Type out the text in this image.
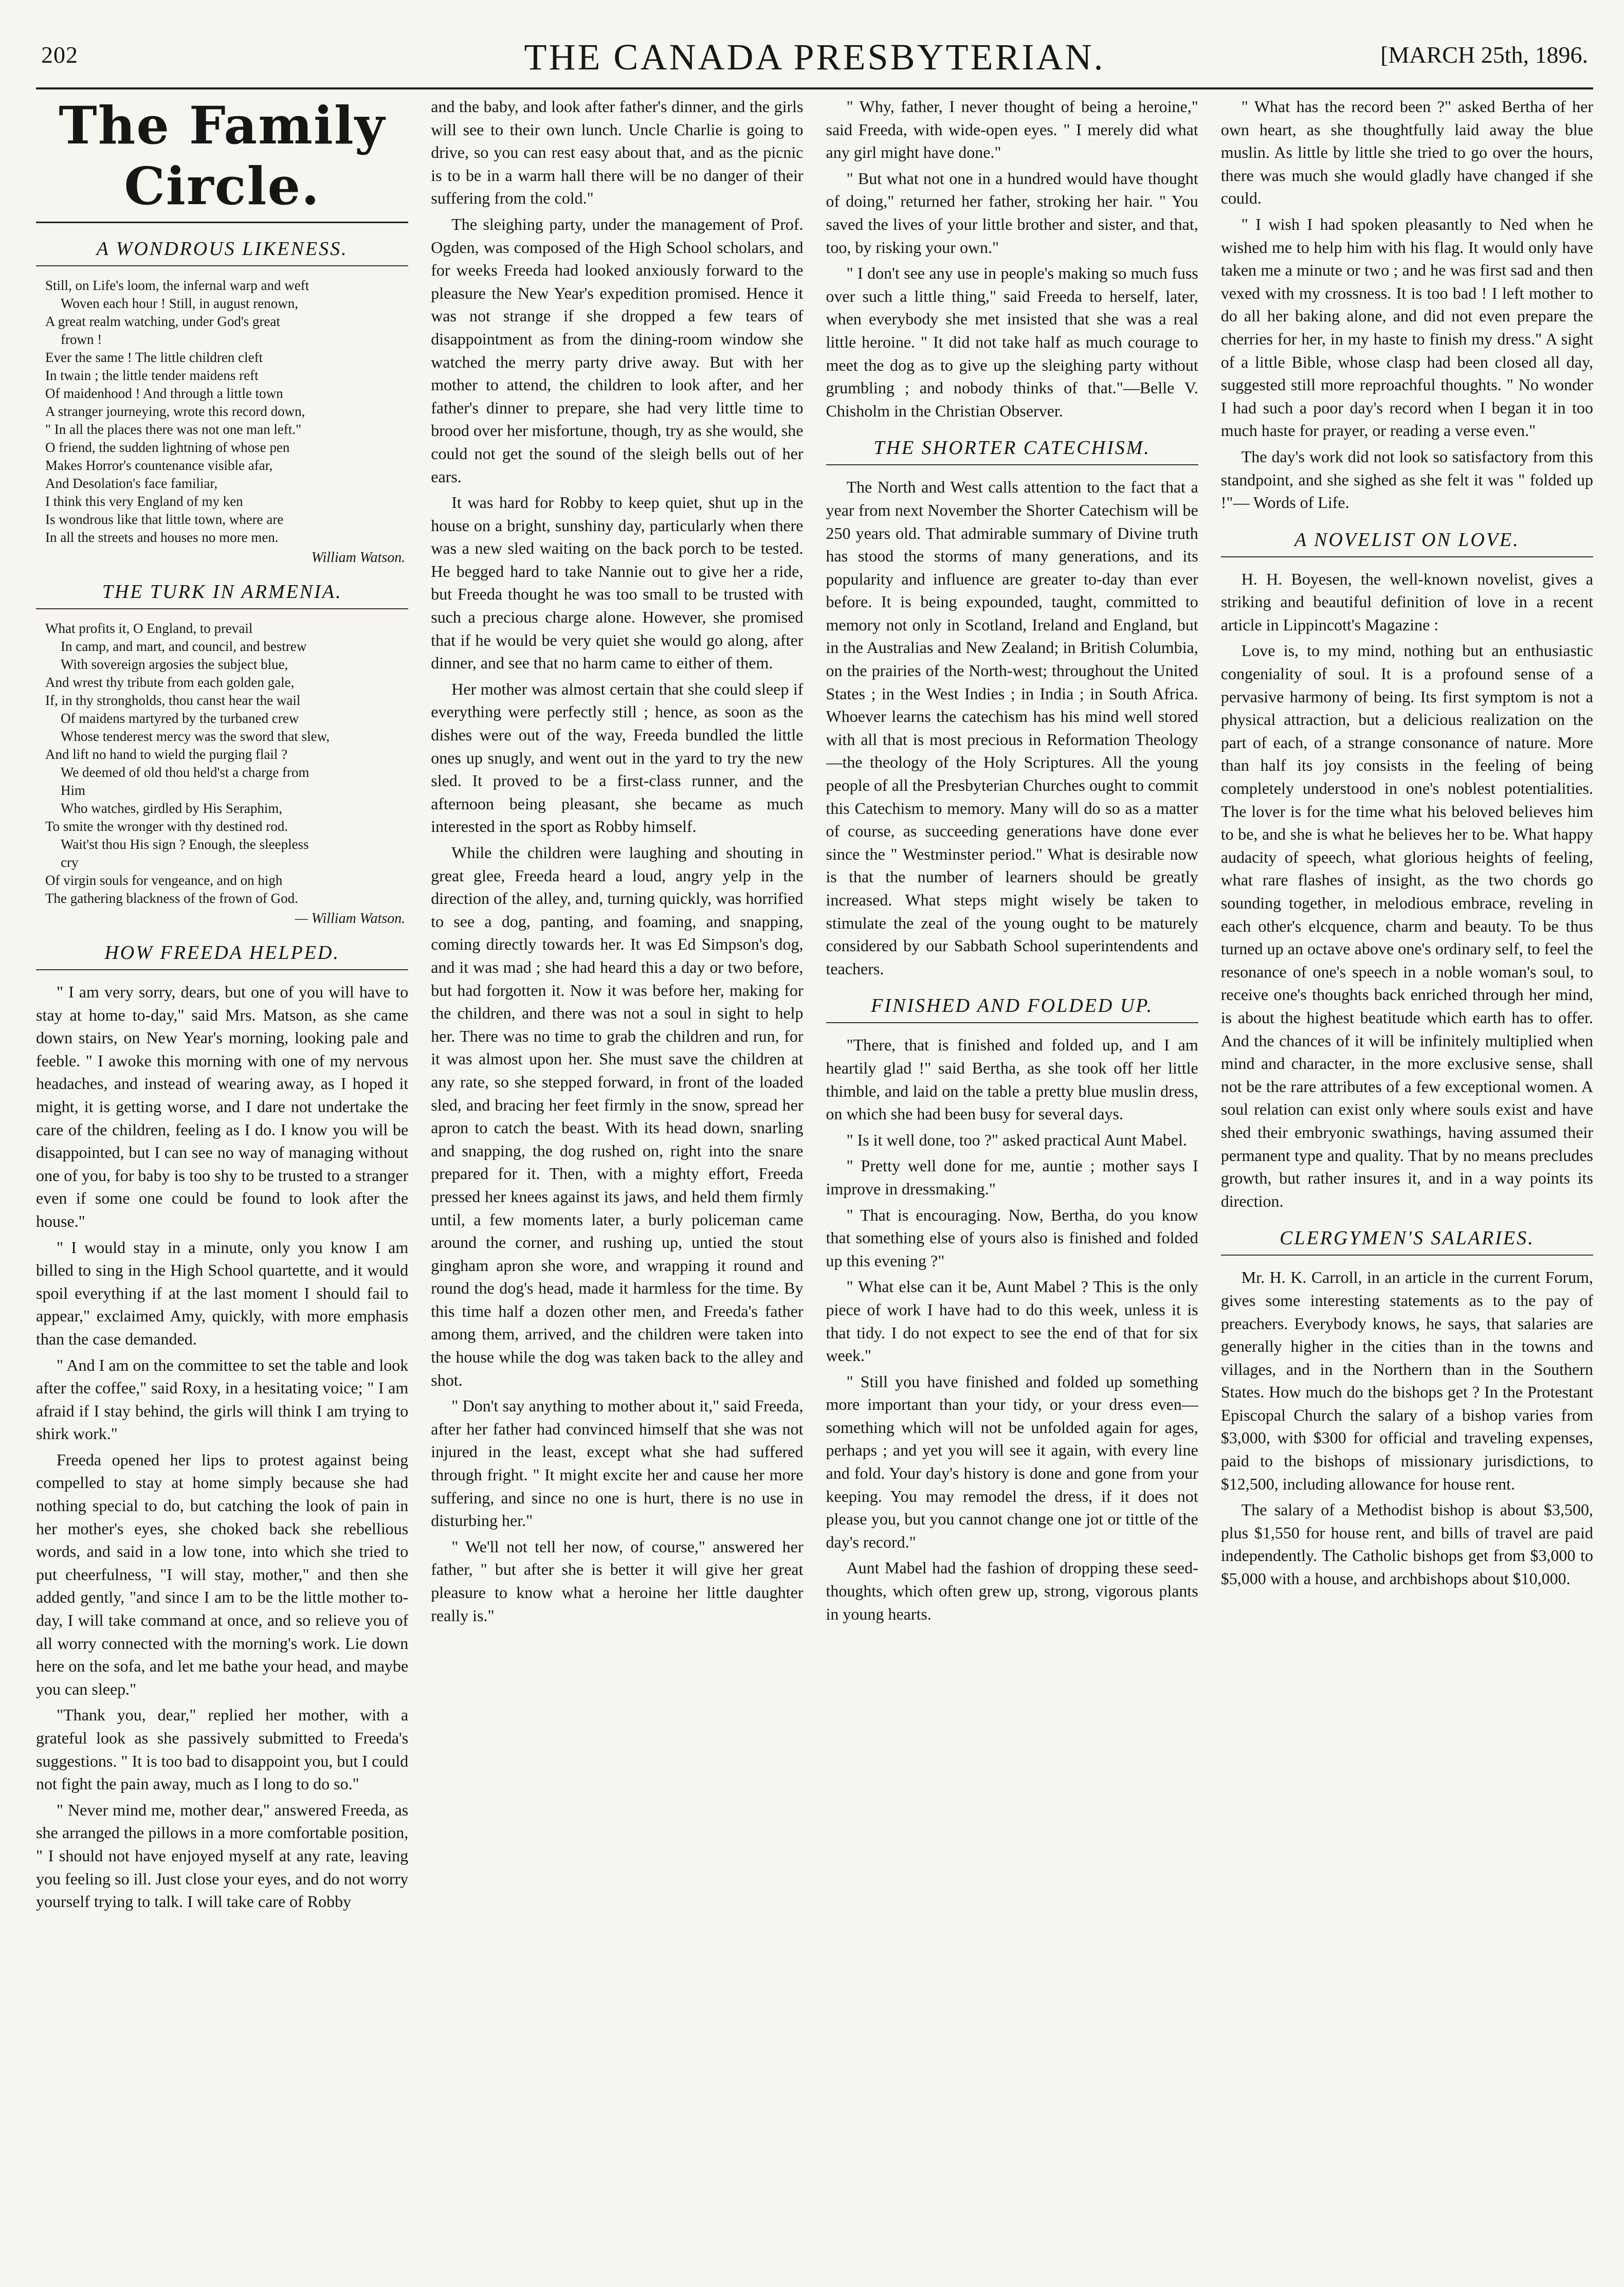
202	THE CANADA PRESBYTERIAN.	[MARCH 25th, 1896.
The Family Circle.
A WONDROUS LIKENESS.
Still, on Life's loom, the infernal warp and weft
Woven each hour ! Still, in august renown,
A great realm watching, under God's great
frown !
Ever the same ! The little children cleft
In twain ; the little tender maidens reft
Of maidenhood ! And through a little town
A stranger journeying, wrote this record down,
" In all the places there was not one man left."
O friend, the sudden lightning of whose pen
Makes Horror's countenance visible afar,
And Desolation's face familiar,
I think this very England of my ken
Is wondrous like that little town, where are
In all the streets and houses no more men.
William Watson.
THE TURK IN ARMENIA.
What profits it, O England, to prevail
In camp, and mart, and council, and bestrew
With sovereign argosies the subject blue,
And wrest thy tribute from each golden gale,
If, in thy strongholds, thou canst hear the wail
Of maidens martyred by the turbaned crew
Whose tenderest mercy was the sword that slew,
And lift no hand to wield the purging flail ?
We deemed of old thou held'st a charge from
Him
Who watches, girdled by His Seraphim,
To smite the wronger with thy destined rod.
Wait'st thou His sign ? Enough, the sleepless
cry
Of virgin souls for vengeance, and on high
The gathering blackness of the frown of God.
— William Watson.
HOW FREEDA HELPED.

" I am very sorry, dears, but one of you will have to stay at home to-day," said Mrs. Matson, as she came down stairs, on New Year's morning, looking pale and feeble. " I awoke this morning with one of my nervous headaches, and instead of wearing away, as I hoped it might, it is getting worse, and I dare not undertake the care of the children, feeling as I do. I know you will be disappointed, but I can see no way of managing without one of you, for baby is too shy to be trusted to a stranger even if some one could be found to look after the house."

" I would stay in a minute, only you know I am billed to sing in the High School quartette, and it would spoil everything if at the last moment I should fail to appear," exclaimed Amy, quickly, with more emphasis than the case demanded.

" And I am on the committee to set the table and look after the coffee," said Roxy, in a hesitating voice; " I am afraid if I stay behind, the girls will think I am trying to shirk work."

Freeda opened her lips to protest against being compelled to stay at home simply because she had nothing special to do, but catching the look of pain in her mother's eyes, she choked back she rebellious words, and said in a low tone, into which she tried to put cheerfulness, "I will stay, mother," and then she added gently, "and since I am to be the little mother to-day, I will take command at once, and so relieve you of all worry connected with the morning's work. Lie down here on the sofa, and let me bathe your head, and maybe you can sleep."

"Thank you, dear," replied her mother, with a grateful look as she passively submitted to Freeda's suggestions. " It is too bad to disappoint you, but I could not fight the pain away, much as I long to do so."

" Never mind me, mother dear," answered Freeda, as she arranged the pillows in a more comfortable position, " I should not have enjoyed myself at any rate, leaving you feeling so ill. Just close your eyes, and do not worry yourself trying to talk. I will take care of Robby

and the baby, and look after father's dinner, and the girls will see to their own lunch. Uncle Charlie is going to drive, so you can rest easy about that, and as the picnic is to be in a warm hall there will be no danger of their suffering from the cold."

The sleighing party, under the management of Prof. Ogden, was composed of the High School scholars, and for weeks Freeda had looked anxiously forward to the pleasure the New Year's expedition promised. Hence it was not strange if she dropped a few tears of disappointment as from the dining-room window she watched the merry party drive away. But with her mother to attend, the children to look after, and her father's dinner to prepare, she had very little time to brood over her misfortune, though, try as she would, she could not get the sound of the sleigh bells out of her ears.

It was hard for Robby to keep quiet, shut up in the house on a bright, sunshiny day, particularly when there was a new sled waiting on the back porch to be tested. He begged hard to take Nannie out to give her a ride, but Freeda thought he was too small to be trusted with such a precious charge alone. However, she promised that if he would be very quiet she would go along, after dinner, and see that no harm came to either of them.

Her mother was almost certain that she could sleep if everything were perfectly still ; hence, as soon as the dishes were out of the way, Freeda bundled the little ones up snugly, and went out in the yard to try the new sled. It proved to be a first-class runner, and the afternoon being pleasant, she became as much interested in the sport as Robby himself.

While the children were laughing and shouting in great glee, Freeda heard a loud, angry yelp in the direction of the alley, and, turning quickly, was horrified to see a dog, panting, and foaming, and snapping, coming directly towards her. It was Ed Simpson's dog, and it was mad ; she had heard this a day or two before, but had forgotten it. Now it was before her, making for the children, and there was not a soul in sight to help her. There was no time to grab the children and run, for it was almost upon her. She must save the children at any rate, so she stepped forward, in front of the loaded sled, and bracing her feet firmly in the snow, spread her apron to catch the beast. With its head down, snarling and snapping, the dog rushed on, right into the snare prepared for it. Then, with a mighty effort, Freeda pressed her knees against its jaws, and held them firmly until, a few moments later, a burly policeman came around the corner, and rushing up, untied the stout gingham apron she wore, and wrapping it round and round the dog's head, made it harmless for the time. By this time half a dozen other men, and Freeda's father among them, arrived, and the children were taken into the house while the dog was taken back to the alley and shot.

" Don't say anything to mother about it," said Freeda, after her father had convinced himself that she was not injured in the least, except what she had suffered through fright. " It might excite her and cause her more suffering, and since no one is hurt, there is no use in disturbing her."

" We'll not tell her now, of course," answered her father, " but after she is better it will give her great pleasure to know what a heroine her little daughter really is."

" Why, father, I never thought of being a heroine," said Freeda, with wide-open eyes. " I merely did what any girl might have done."

" But what not one in a hundred would have thought of doing," returned her father, stroking her hair. " You saved the lives of your little brother and sister, and that, too, by risking your own."

" I don't see any use in people's making so much fuss over such a little thing," said Freeda to herself, later, when everybody she met insisted that she was a real little heroine. " It did not take half as much courage to meet the dog as to give up the sleighing party without grumbling ; and nobody thinks of that."—Belle V. Chisholm in the Christian Observer.

THE SHORTER CATECHISM.

The North and West calls attention to the fact that a year from next November the Shorter Catechism will be 250 years old. That admirable summary of Divine truth has stood the storms of many generations, and its popularity and influence are greater to-day than ever before. It is being expounded, taught, committed to memory not only in Scotland, Ireland and England, but in the Australias and New Zealand; in British Columbia, on the prairies of the North-west; throughout the United States ; in the West Indies ; in India ; in South Africa. Whoever learns the catechism has his mind well stored with all that is most precious in Reformation Theology—the theology of the Holy Scriptures. All the young people of all the Presbyterian Churches ought to commit this Catechism to memory. Many will do so as a matter of course, as succeeding generations have done ever since the " Westminster period." What is desirable now is that the number of learners should be greatly increased. What steps might wisely be taken to stimulate the zeal of the young ought to be maturely considered by our Sabbath School superintendents and teachers.

FINISHED AND FOLDED UP.

"There, that is finished and folded up, and I am heartily glad !" said Bertha, as she took off her little thimble, and laid on the table a pretty blue muslin dress, on which she had been busy for several days.

" Is it well done, too ?" asked practical Aunt Mabel.

" Pretty well done for me, auntie ; mother says I improve in dressmaking."

" That is encouraging. Now, Bertha, do you know that something else of yours also is finished and folded up this evening ?"

" What else can it be, Aunt Mabel ? This is the only piece of work I have had to do this week, unless it is that tidy. I do not expect to see the end of that for six week."

" Still you have finished and folded up something more important than your tidy, or your dress even—something which will not be unfolded again for ages, perhaps ; and yet you will see it again, with every line and fold. Your day's history is done and gone from your keeping. You may remodel the dress, if it does not please you, but you cannot change one jot or tittle of the day's record."

Aunt Mabel had the fashion of dropping these seed-thoughts, which often grew up, strong, vigorous plants in young hearts.

" What has the record been ?" asked Bertha of her own heart, as she thoughtfully laid away the blue muslin. As little by little she tried to go over the hours, there was much she would gladly have changed if she could.

" I wish I had spoken pleasantly to Ned when he wished me to help him with his flag. It would only have taken me a minute or two ; and he was first sad and then vexed with my crossness. It is too bad ! I left mother to do all her baking alone, and did not even prepare the cherries for her, in my haste to finish my dress." A sight of a little Bible, whose clasp had been closed all day, suggested still more reproachful thoughts. " No wonder I had such a poor day's record when I began it in too much haste for prayer, or reading a verse even."

The day's work did not look so satisfactory from this standpoint, and she sighed as she felt it was " folded up !"— Words of Life.

A NOVELIST ON LOVE.

H. H. Boyesen, the well-known novelist, gives a striking and beautiful definition of love in a recent article in Lippincott's Magazine :

Love is, to my mind, nothing but an enthusiastic congeniality of soul. It is a profound sense of a pervasive harmony of being. Its first symptom is not a physical attraction, but a delicious realization on the part of each, of a strange consonance of nature. More than half its joy consists in the feeling of being completely understood in one's noblest potentialities. The lover is for the time what his beloved believes him to be, and she is what he believes her to be. What happy audacity of speech, what glorious heights of feeling, what rare flashes of insight, as the two chords go sounding together, in melodious embrace, reveling in each other's elcquence, charm and beauty. To be thus turned up an octave above one's ordinary self, to feel the resonance of one's speech in a noble woman's soul, to receive one's thoughts back enriched through her mind, is about the highest beatitude which earth has to offer. And the chances of it will be infinitely multiplied when mind and character, in the more exclusive sense, shall not be the rare attributes of a few exceptional women. A soul relation can exist only where souls exist and have shed their embryonic swathings, having assumed their permanent type and quality. That by no means precludes growth, but rather insures it, and in a way points its direction.

CLERGYMEN'S SALARIES.

Mr. H. K. Carroll, in an article in the current Forum, gives some interesting statements as to the pay of preachers. Everybody knows, he says, that salaries are generally higher in the cities than in the towns and villages, and in the Northern than in the Southern States. How much do the bishops get ? In the Protestant Episcopal Church the salary of a bishop varies from $3,000, with $300 for official and traveling expenses, paid to the bishops of missionary jurisdictions, to $12,500, including allowance for house rent.

The salary of a Methodist bishop is about $3,500, plus $1,550 for house rent, and bills of travel are paid independently. The Catholic bishops get from $3,000 to $5,000 with a house, and archbishops about $10,000.
